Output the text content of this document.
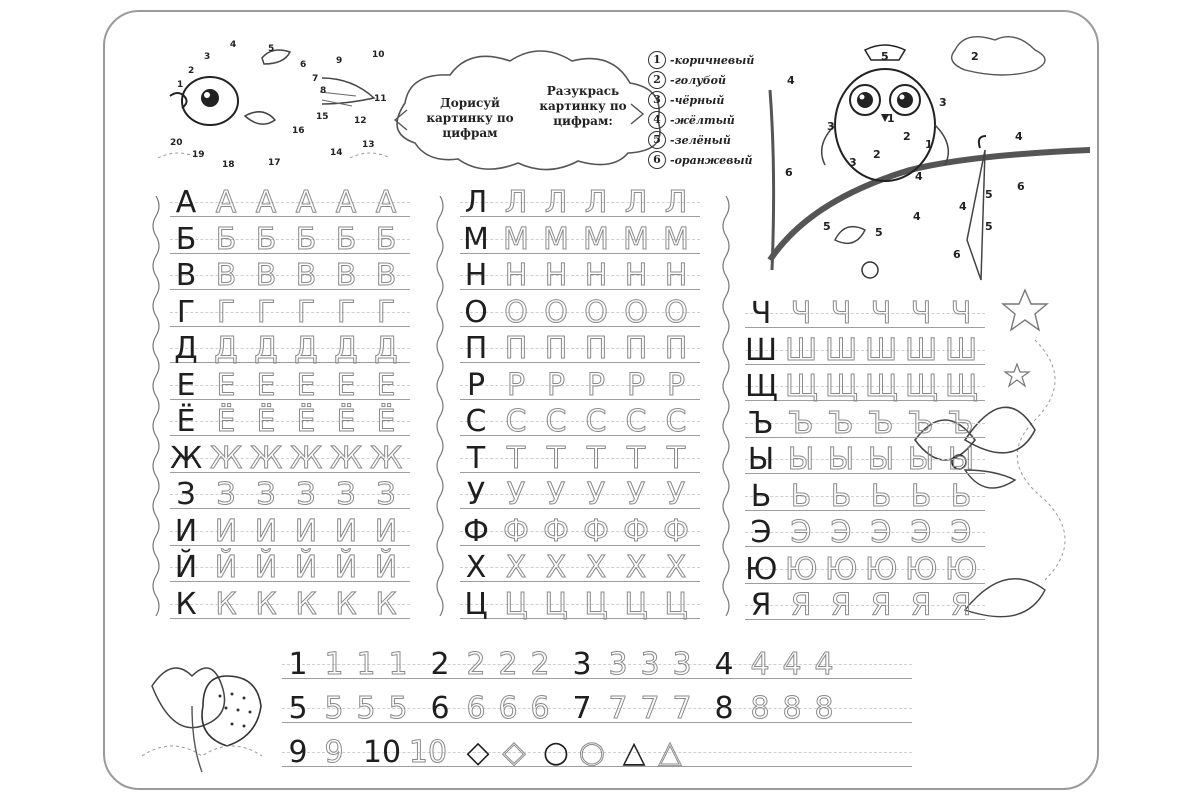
1
2
3
4	5
6
7
8
9
10
11
12
13
14
15
16
17
18
19
20
Дорисуй картинку по цифрам
Разукрась картинку по цифрам:
1 -коричневый
2 -голубой
3 -чёрный
4 -жёлтый
5 -зелёный
6 -оранжевый
5
4
3
3
1
2
1
2
3
4
4
5
5
6
6
4
4
6
5	5
2
А А А А А А
Б Б Б Б Б Б
В В В В В В
Г Г Г Г Г Г
Д Д Д Д Д Д
Е Е Е Е Е Е
Ё Ё Ё Ё Ё Ё
Ж Ж Ж Ж Ж Ж
З З З З З З
И И И И И И
Й Й Й Й Й Й
К К К К К К
Л Л Л Л Л Л
М М М М М М
Н Н Н Н Н Н
О О О О О О
П П П П П П
Р Р Р Р Р Р
С С С С С С
Т Т Т Т Т Т
У У У У У У
Ф Ф Ф Ф Ф Ф
Х Х Х Х Х Х
Ц Ц Ц Ц Ц Ц
Ч Ч Ч Ч Ч Ч
Ш Ш Ш Ш Ш Ш
Щ Щ Щ Щ Щ Щ
Ъ Ъ Ъ Ъ Ъ Ъ
Ы Ы Ы Ы Ы Ы
Ь Ь Ь Ь Ь Ь
Э Э Э Э Э Э
Ю Ю Ю Ю Ю Ю
Я Я Я Я Я Я
1 1 1 1 2 2 2 2 3 3 3 3 4 4 4 4
5 5 5 5 6 6 6 6 7 7 7 7 8 8 8 8
9 9 10 10 ◇ ◇ ○ ○ △ △
